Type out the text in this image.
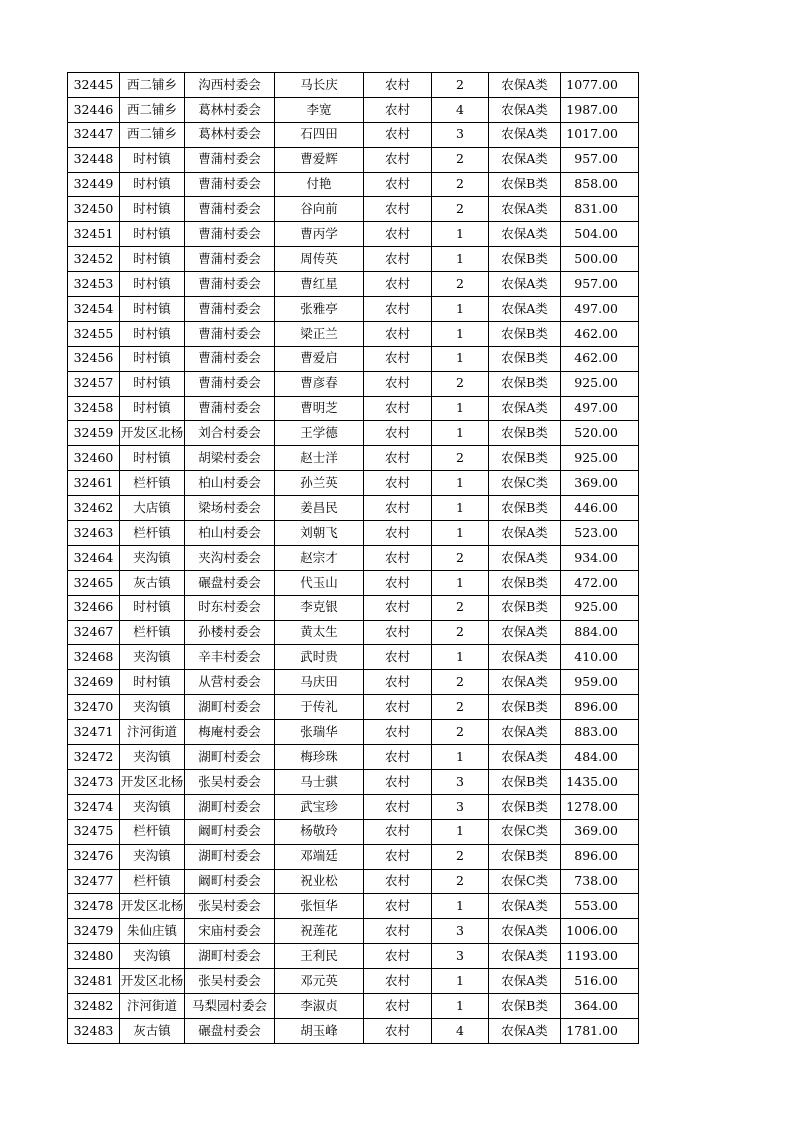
32445	西二铺乡	沟西村委会	马长庆	农村	2	农保A类	1077.00
32446	西二铺乡	葛林村委会	李宽	农村	4	农保A类	1987.00
32447	西二铺乡	葛林村委会	石四田	农村	3	农保A类	1017.00
32448	时村镇	曹蒲村委会	曹爱辉	农村	2	农保A类	957.00
32449	时村镇	曹蒲村委会	付艳	农村	2	农保B类	858.00
32450	时村镇	曹蒲村委会	谷向前	农村	2	农保A类	831.00
32451	时村镇	曹蒲村委会	曹丙学	农村	1	农保A类	504.00
32452	时村镇	曹蒲村委会	周传英	农村	1	农保B类	500.00
32453	时村镇	曹蒲村委会	曹红星	农村	2	农保A类	957.00
32454	时村镇	曹蒲村委会	张雅亭	农村	1	农保A类	497.00
32455	时村镇	曹蒲村委会	梁正兰	农村	1	农保B类	462.00
32456	时村镇	曹蒲村委会	曹爱启	农村	1	农保B类	462.00
32457	时村镇	曹蒲村委会	曹彦春	农村	2	农保B类	925.00
32458	时村镇	曹蒲村委会	曹明芝	农村	1	农保A类	497.00
32459	开发区北杨	刘合村委会	王学德	农村	1	农保B类	520.00
32460	时村镇	胡梁村委会	赵士洋	农村	2	农保B类	925.00
32461	栏杆镇	柏山村委会	孙兰英	农村	1	农保C类	369.00
32462	大店镇	梁场村委会	姜昌民	农村	1	农保B类	446.00
32463	栏杆镇	柏山村委会	刘朝飞	农村	1	农保A类	523.00
32464	夹沟镇	夹沟村委会	赵宗才	农村	2	农保A类	934.00
32465	灰古镇	碾盘村委会	代玉山	农村	1	农保B类	472.00
32466	时村镇	时东村委会	李克银	农村	2	农保B类	925.00
32467	栏杆镇	孙楼村委会	黄太生	农村	2	农保A类	884.00
32468	夹沟镇	辛丰村委会	武时贵	农村	1	农保A类	410.00
32469	时村镇	从营村委会	马庆田	农村	2	农保A类	959.00
32470	夹沟镇	湖町村委会	于传礼	农村	2	农保B类	896.00
32471	汴河街道	梅庵村委会	张瑞华	农村	2	农保A类	883.00
32472	夹沟镇	湖町村委会	梅珍珠	农村	1	农保A类	484.00
32473	开发区北杨	张吴村委会	马士骐	农村	3	农保B类	1435.00
32474	夹沟镇	湖町村委会	武宝珍	农村	3	农保B类	1278.00
32475	栏杆镇	阚町村委会	杨敬玲	农村	1	农保C类	369.00
32476	夹沟镇	湖町村委会	邓端廷	农村	2	农保B类	896.00
32477	栏杆镇	阚町村委会	祝业松	农村	2	农保C类	738.00
32478	开发区北杨	张吴村委会	张恒华	农村	1	农保A类	553.00
32479	朱仙庄镇	宋庙村委会	祝莲花	农村	3	农保A类	1006.00
32480	夹沟镇	湖町村委会	王利民	农村	3	农保A类	1193.00
32481	开发区北杨	张吴村委会	邓元英	农村	1	农保A类	516.00
32482	汴河街道	马梨园村委会	李淑贞	农村	1	农保B类	364.00
32483	灰古镇	碾盘村委会	胡玉峰	农村	4	农保A类	1781.00
